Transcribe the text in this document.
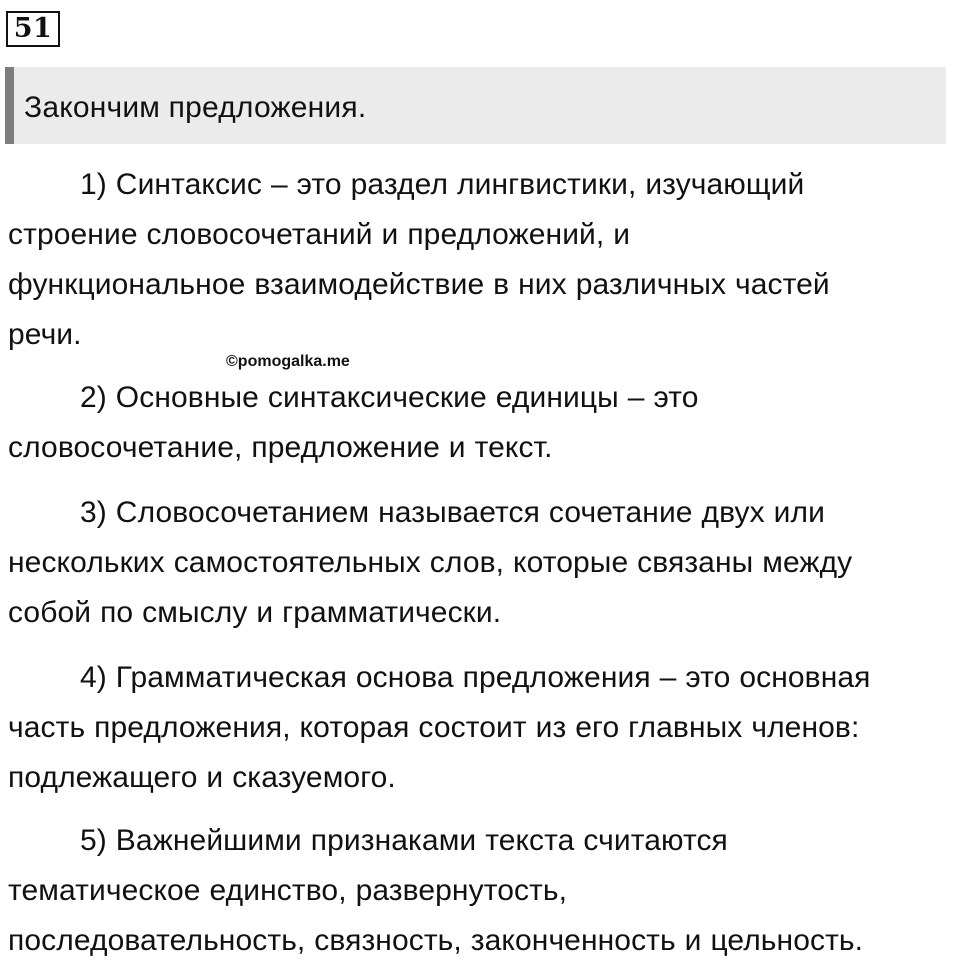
51
Закончим предложения.

1) Синтаксис – это раздел лингвистики, изучающий
строение словосочетаний и предложений, и
функциональное взаимодействие в них различных частей
речи.

©pomogalka.me

2) Основные синтаксические единицы – это
словосочетание, предложение и текст.

3) Словосочетанием называется сочетание двух или
нескольких самостоятельных слов, которые связаны между
собой по смыслу и грамматически.

4) Грамматическая основа предложения – это основная
часть предложения, которая состоит из его главных членов:
подлежащего и сказуемого.

5) Важнейшими признаками текста считаются
тематическое единство, развернутость,
последовательность, связность, законченность и цельность.
